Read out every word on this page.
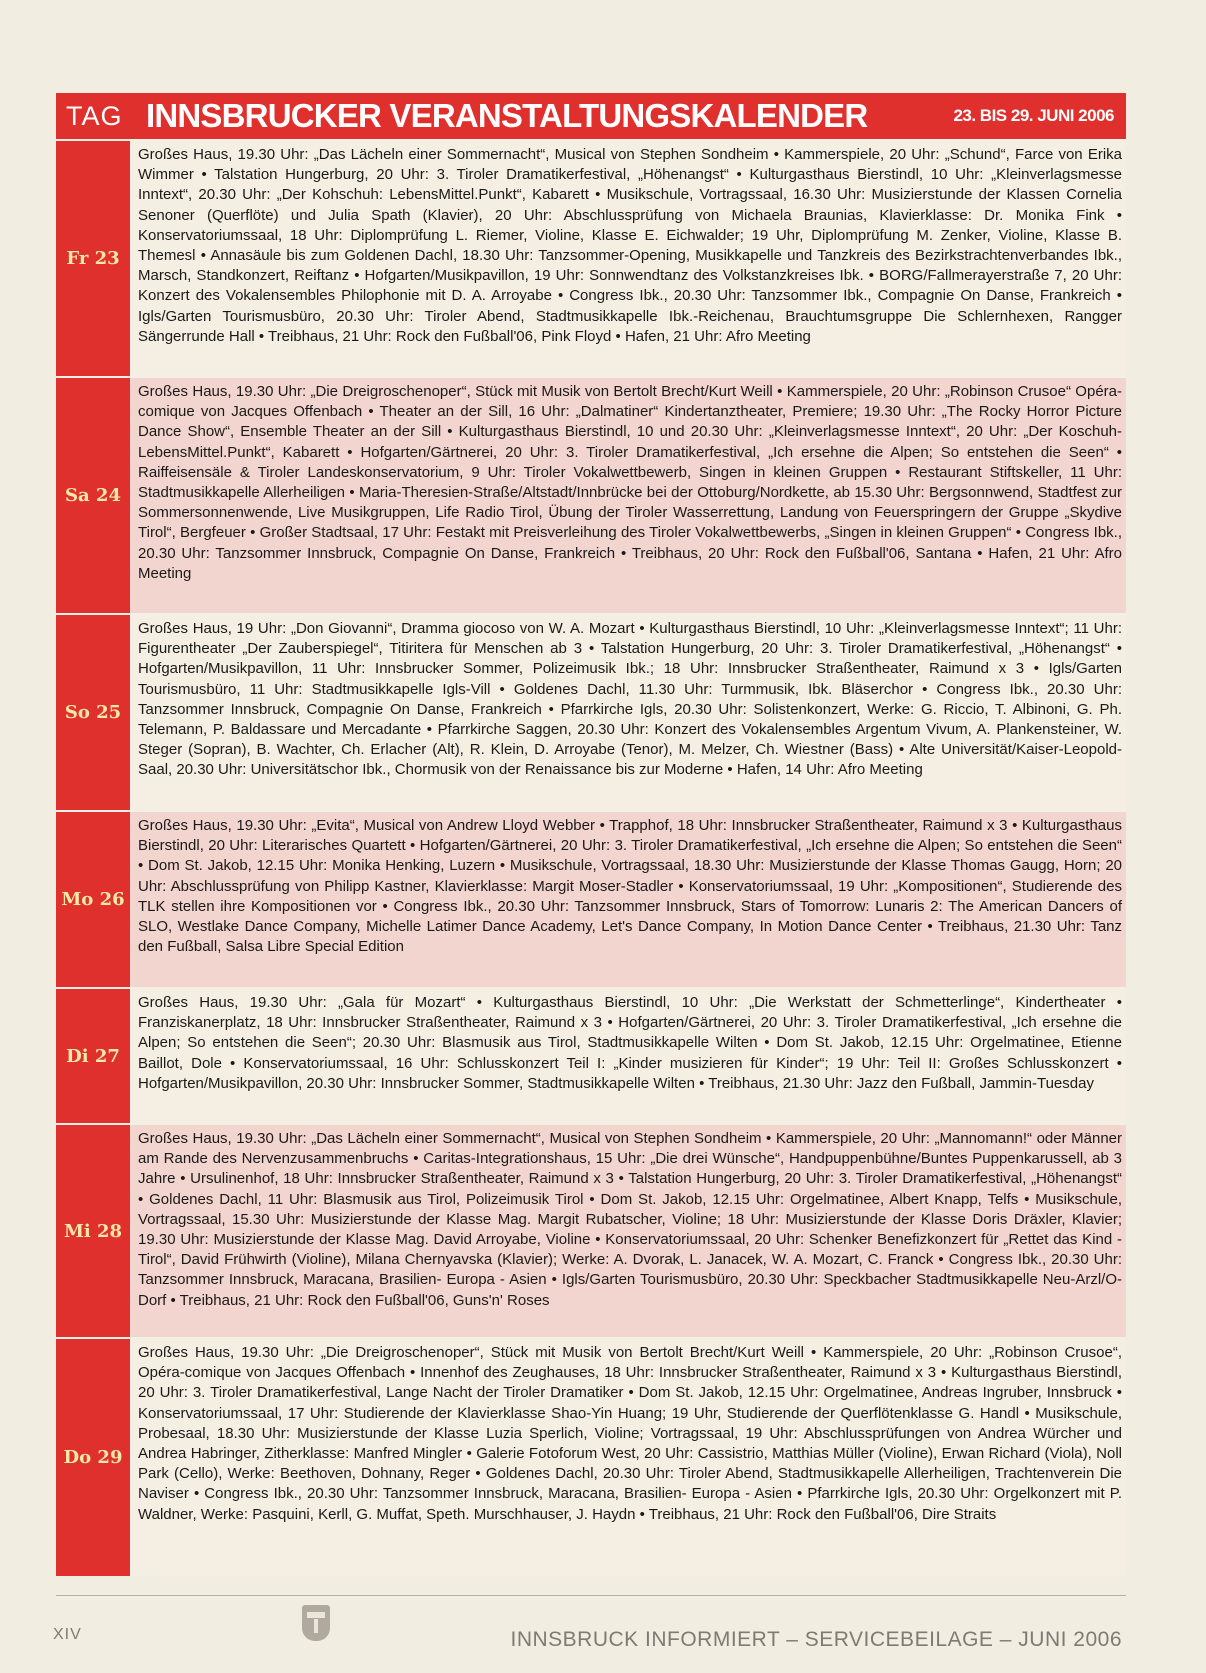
TAG INNSBRUCKER VERANSTALTUNGSKALENDER	23. BIS 29. JUNI 2006
Fr 23
Großes Haus, 19.30 Uhr: „Das Lächeln einer Sommernacht“, Musical von Stephen Sondheim • Kammerspiele, 20 Uhr: „Schund“, Farce von Erika Wimmer • Talstation Hungerburg, 20 Uhr: 3. Tiroler Dramatikerfestival, „Höhenangst“ • Kulturgasthaus Bierstindl, 10 Uhr: „Kleinverlagsmesse Inntext“, 20.30 Uhr: „Der Kohschuh: LebensMittel.Punkt“, Kabarett • Musikschule, Vortragssaal, 16.30 Uhr: Musizierstunde der Klassen Cornelia Senoner (Querflöte) und Julia Spath (Klavier), 20 Uhr: Abschlussprüfung von Michaela Braunias, Klavierklasse: Dr. Monika Fink • Konservatoriumssaal, 18 Uhr: Diplomprüfung L. Riemer, Violine, Klasse E. Eichwalder; 19 Uhr, Diplomprüfung M. Zenker, Violine, Klasse B. Themesl • Annasäule bis zum Goldenen Dachl, 18.30 Uhr: Tanzsommer-Opening, Musikkapelle und Tanzkreis des Bezirkstrachtenverbandes Ibk., Marsch, Standkonzert, Reiftanz • Hofgarten/Musikpavillon, 19 Uhr: Sonnwendtanz des Volkstanzkreises Ibk. • BORG/Fallmerayerstraße 7, 20 Uhr: Konzert des Vokalensembles Philophonie mit D. A. Arroyabe • Congress Ibk., 20.30 Uhr: Tanzsommer Ibk., Compagnie On Danse, Frankreich • Igls/Garten Tourismusbüro, 20.30 Uhr: Tiroler Abend, Stadtmusikkapelle Ibk.-Reichenau, Brauchtumsgruppe Die Schlernhexen, Rangger Sängerrunde Hall • Treibhaus, 21 Uhr: Rock den Fußball'06, Pink Floyd • Hafen, 21 Uhr: Afro Meeting
Sa 24
Großes Haus, 19.30 Uhr: „Die Dreigroschenoper“, Stück mit Musik von Bertolt Brecht/Kurt Weill • Kammerspiele, 20 Uhr: „Robinson Crusoe“ Opéra-comique von Jacques Offenbach • Theater an der Sill, 16 Uhr: „Dalmatiner“ Kindertanztheater, Premiere; 19.30 Uhr: „The Rocky Horror Picture Dance Show“, Ensemble Theater an der Sill • Kulturgasthaus Bierstindl, 10 und 20.30 Uhr: „Kleinverlagsmesse Inntext“, 20 Uhr: „Der Koschuh-LebensMittel.Punkt“, Kabarett • Hofgarten/Gärtnerei, 20 Uhr: 3. Tiroler Dramatikerfestival, „Ich ersehne die Alpen; So entstehen die Seen“ • Raiffeisensäle & Tiroler Landeskonservatorium, 9 Uhr: Tiroler Vokalwettbewerb, Singen in kleinen Gruppen • Restaurant Stiftskeller, 11 Uhr: Stadtmusikkapelle Allerheiligen • Maria-Theresien-Straße/Altstadt/Innbrücke bei der Ottoburg/Nordkette, ab 15.30 Uhr: Bergsonnwend, Stadtfest zur Sommersonnenwende, Live Musikgruppen, Life Radio Tirol, Übung der Tiroler Wasserrettung, Landung von Feuerspringern der Gruppe „Skydive Tirol“, Bergfeuer • Großer Stadtsaal, 17 Uhr: Festakt mit Preisverleihung des Tiroler Vokalwettbewerbs, „Singen in kleinen Gruppen“ • Congress Ibk., 20.30 Uhr: Tanzsommer Innsbruck, Compagnie On Danse, Frankreich • Treibhaus, 20 Uhr: Rock den Fußball'06, Santana • Hafen, 21 Uhr: Afro Meeting
So 25
Großes Haus, 19 Uhr: „Don Giovanni“, Dramma giocoso von W. A. Mozart • Kulturgasthaus Bierstindl, 10 Uhr: „Kleinverlagsmesse Inntext“; 11 Uhr: Figurentheater „Der Zauberspiegel“, Titiritera für Menschen ab 3 • Talstation Hungerburg, 20 Uhr: 3. Tiroler Dramatikerfestival, „Höhenangst“ • Hofgarten/Musikpavillon, 11 Uhr: Innsbrucker Sommer, Polizeimusik Ibk.; 18 Uhr: Innsbrucker Straßentheater, Raimund x 3 • Igls/Garten Tourismusbüro, 11 Uhr: Stadtmusikkapelle Igls-Vill • Goldenes Dachl, 11.30 Uhr: Turmmusik, Ibk. Bläserchor • Congress Ibk., 20.30 Uhr: Tanzsommer Innsbruck, Compagnie On Danse, Frankreich • Pfarrkirche Igls, 20.30 Uhr: Solistenkonzert, Werke: G. Riccio, T. Albinoni, G. Ph. Telemann, P. Baldassare und Mercadante • Pfarrkirche Saggen, 20.30 Uhr: Konzert des Vokalensembles Argentum Vivum, A. Plankensteiner, W. Steger (Sopran), B. Wachter, Ch. Erlacher (Alt), R. Klein, D. Arroyabe (Tenor), M. Melzer, Ch. Wiestner (Bass) • Alte Universität/Kaiser-Leopold-Saal, 20.30 Uhr: Universitätschor Ibk., Chormusik von der Renaissance bis zur Moderne • Hafen, 14 Uhr: Afro Meeting
Mo 26
Großes Haus, 19.30 Uhr: „Evita“, Musical von Andrew Lloyd Webber • Trapphof, 18 Uhr: Innsbrucker Straßentheater, Raimund x 3 • Kulturgasthaus Bierstindl, 20 Uhr: Literarisches Quartett • Hofgarten/Gärtnerei, 20 Uhr: 3. Tiroler Dramatikerfestival, „Ich ersehne die Alpen; So entstehen die Seen“ • Dom St. Jakob, 12.15 Uhr: Monika Henking, Luzern • Musikschule, Vortragssaal, 18.30 Uhr: Musizierstunde der Klasse Thomas Gaugg, Horn; 20 Uhr: Abschlussprüfung von Philipp Kastner, Klavierklasse: Margit Moser-Stadler • Konservatoriumssaal, 19 Uhr: „Kompositionen“, Studierende des TLK stellen ihre Kompositionen vor • Congress Ibk., 20.30 Uhr: Tanzsommer Innsbruck, Stars of Tomorrow: Lunaris 2: The American Dancers of SLO, Westlake Dance Company, Michelle Latimer Dance Academy, Let's Dance Company, In Motion Dance Center • Treibhaus, 21.30 Uhr: Tanz den Fußball, Salsa Libre Special Edition
Di 27
Großes Haus, 19.30 Uhr: „Gala für Mozart“ • Kulturgasthaus Bierstindl, 10 Uhr: „Die Werkstatt der Schmetterlinge“, Kindertheater • Franziskanerplatz, 18 Uhr: Innsbrucker Straßentheater, Raimund x 3 • Hofgarten/Gärtnerei, 20 Uhr: 3. Tiroler Dramatikerfestival, „Ich ersehne die Alpen; So entstehen die Seen“; 20.30 Uhr: Blasmusik aus Tirol, Stadtmusikkapelle Wilten • Dom St. Jakob, 12.15 Uhr: Orgelmatinee, Etienne Baillot, Dole • Konservatoriumssaal, 16 Uhr: Schlusskonzert Teil I: „Kinder musizieren für Kinder“; 19 Uhr: Teil II: Großes Schlusskonzert • Hofgarten/Musikpavillon, 20.30 Uhr: Innsbrucker Sommer, Stadtmusikkapelle Wilten • Treibhaus, 21.30 Uhr: Jazz den Fußball, Jammin-Tuesday
Mi 28
Großes Haus, 19.30 Uhr: „Das Lächeln einer Sommernacht“, Musical von Stephen Sondheim • Kammerspiele, 20 Uhr: „Mannomann!“ oder Männer am Rande des Nervenzusammenbruchs • Caritas-Integrationshaus, 15 Uhr: „Die drei Wünsche“, Handpuppenbühne/Buntes Puppenkarussell, ab 3 Jahre • Ursulinenhof, 18 Uhr: Innsbrucker Straßentheater, Raimund x 3 • Talstation Hungerburg, 20 Uhr: 3. Tiroler Dramatikerfestival, „Höhenangst“ • Goldenes Dachl, 11 Uhr: Blasmusik aus Tirol, Polizeimusik Tirol • Dom St. Jakob, 12.15 Uhr: Orgelmatinee, Albert Knapp, Telfs • Musikschule, Vortragssaal, 15.30 Uhr: Musizierstunde der Klasse Mag. Margit Rubatscher, Violine; 18 Uhr: Musizierstunde der Klasse Doris Dräxler, Klavier; 19.30 Uhr: Musizierstunde der Klasse Mag. David Arroyabe, Violine • Konservatoriumssaal, 20 Uhr: Schenker Benefizkonzert für „Rettet das Kind - Tirol“, David Frühwirth (Violine), Milana Chernyavska (Klavier); Werke: A. Dvorak, L. Janacek, W. A. Mozart, C. Franck • Congress Ibk., 20.30 Uhr: Tanzsommer Innsbruck, Maracana, Brasilien- Europa - Asien • Igls/Garten Tourismusbüro, 20.30 Uhr: Speckbacher Stadtmusikkapelle Neu-Arzl/O-Dorf • Treibhaus, 21 Uhr: Rock den Fußball'06, Guns'n' Roses
Do 29
Großes Haus, 19.30 Uhr: „Die Dreigroschenoper“, Stück mit Musik von Bertolt Brecht/Kurt Weill • Kammerspiele, 20 Uhr: „Robinson Crusoe“, Opéra-comique von Jacques Offenbach • Innenhof des Zeughauses, 18 Uhr: Innsbrucker Straßentheater, Raimund x 3 • Kulturgasthaus Bierstindl, 20 Uhr: 3. Tiroler Dramatikerfestival, Lange Nacht der Tiroler Dramatiker • Dom St. Jakob, 12.15 Uhr: Orgelmatinee, Andreas Ingruber, Innsbruck • Konservatoriumssaal, 17 Uhr: Studierende der Klavierklasse Shao-Yin Huang; 19 Uhr, Studierende der Querflötenklasse G. Handl • Musikschule, Probesaal, 18.30 Uhr: Musizierstunde der Klasse Luzia Sperlich, Violine; Vortragssaal, 19 Uhr: Abschlussprüfungen von Andrea Würcher und Andrea Habringer, Zitherklasse: Manfred Mingler • Galerie Fotoforum West, 20 Uhr: Cassistrio, Matthias Müller (Violine), Erwan Richard (Viola), Noll Park (Cello), Werke: Beethoven, Dohnany, Reger • Goldenes Dachl, 20.30 Uhr: Tiroler Abend, Stadtmusikkapelle Allerheiligen, Trachtenverein Die Naviser • Congress Ibk., 20.30 Uhr: Tanzsommer Innsbruck, Maracana, Brasilien- Europa - Asien • Pfarrkirche Igls, 20.30 Uhr: Orgelkonzert mit P. Waldner, Werke: Pasquini, Kerll, G. Muffat, Speth. Murschhauser, J. Haydn • Treibhaus, 21 Uhr: Rock den Fußball'06, Dire Straits
XIV	INNSBRUCK INFORMIERT – SERVICEBEILAGE – JUNI 2006
